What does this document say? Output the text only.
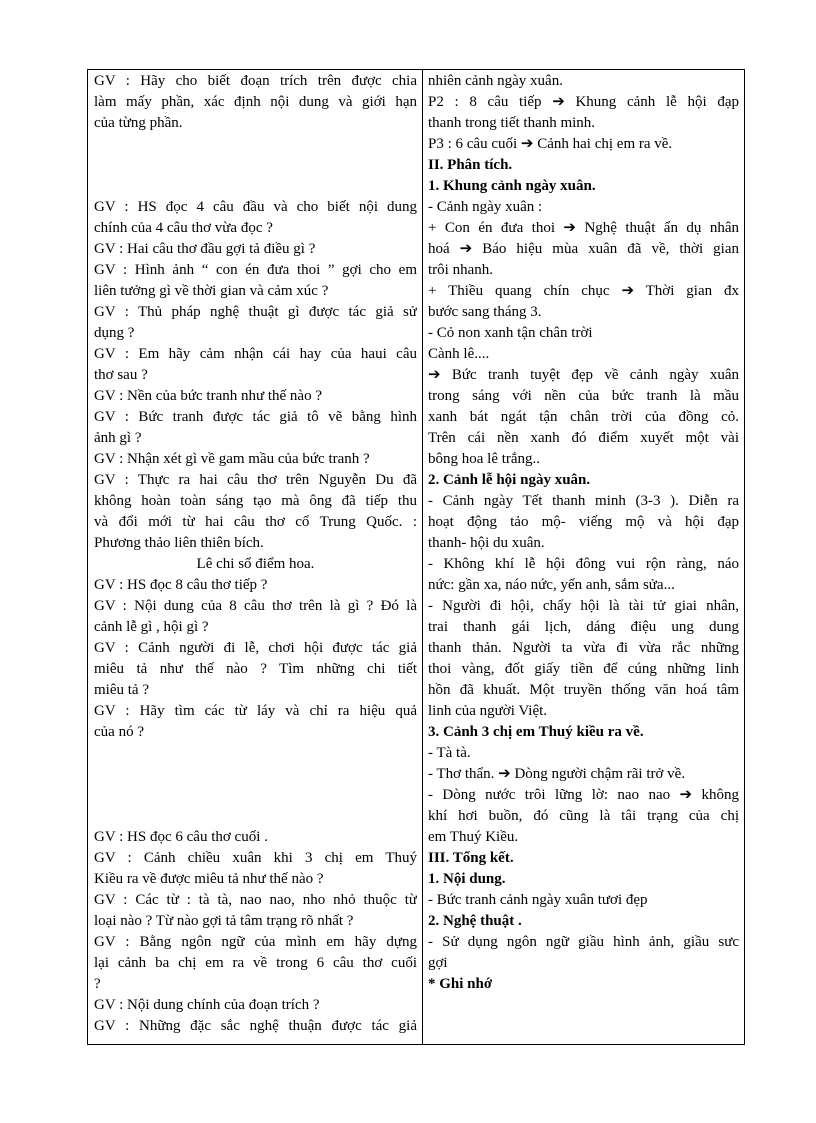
GV : Hãy cho biết đoạn trích trên được chia
làm mấy phần, xác định nội dung và giới hạn
của từng phần.

GV : HS đọc 4 câu đầu và cho biết nội dung
chính của 4 câu thơ vừa đọc ?
GV : Hai câu thơ đầu gợi tả điều gì ?
GV : Hình ảnh “ con én đưa thoi ” gợi cho em
liên tưởng gì về thời gian và cảm xúc ?
GV : Thủ pháp nghệ thuật gì được tác giả sử
dụng ?
GV : Em hãy cảm nhận cái hay của haui câu
thơ sau ?
GV : Nền của bức tranh như thế nào ?
GV : Bức tranh được tác giả tô vẽ bằng hình
ảnh gì ?
GV : Nhận xét gì về gam mầu của bức tranh ?
GV : Thực ra hai câu thơ trên Nguyễn Du đã
không hoàn toàn sáng tạo mà ông đã tiếp thu
và đổi mới từ hai câu thơ cổ Trung Quốc. :
Phương thảo liên thiên bích.
Lê chi sổ điểm hoa.
GV : HS đọc 8 câu thơ tiếp ?
GV : Nội dung của 8 câu thơ trên là gì ? Đó là
cảnh lễ gì , hội gì ?
GV : Cảnh người đi lễ, chơi hội được tác giả
miêu tả như thế nào ? Tìm những chi tiết
miêu tả ?
GV : Hãy tìm các từ láy và chỉ ra hiệu quả
của nó ?

GV : HS đọc 6 câu thơ cuối .
GV : Cảnh chiều xuân khi 3 chị em Thuý
Kiều ra về được miêu tả như thế nào ?
GV : Các từ : tà tà, nao nao, nho nhỏ thuộc từ
loại nào ? Từ nào gợi tả tâm trạng rõ nhất ?
GV : Bằng ngôn ngữ của mình em hãy dựng
lại cảnh ba chị em ra về trong 6 câu thơ cuối
?
GV : Nội dung chính của đoạn trích ?
GV : Những đặc sắc nghệ thuận được tác giả
nhiên cảnh ngày xuân.
P2 : 8 câu tiếp ➔ Khung cảnh lễ hội đạp
thanh trong tiết thanh minh.
P3 : 6 câu cuối ➔ Cảnh hai chị em ra về.
II. Phân tích.
1. Khung cảnh ngày xuân.
- Cảnh ngày xuân :
+ Con én đưa thoi ➔ Nghệ thuật ẩn dụ nhân
hoá ➔ Báo hiệu mùa xuân đã về, thời gian
trôi nhanh.
+ Thiều quang chín chục ➔ Thời gian đx
bước sang tháng 3.
- Cỏ non xanh tận chân trời
Cành lê....
➔ Bức tranh tuyệt đẹp về cảnh ngày xuân
trong sáng với nền của bức tranh là mầu
xanh bát ngát tận chân trời của đồng cỏ.
Trên cái nền xanh đó điểm xuyết một vài
bông hoa lê trắng..
2. Cảnh lễ hội ngày xuân.
- Cảnh ngày Tết thanh minh (3-3 ). Diễn ra
hoạt động tảo mộ- viếng mộ và hội đạp
thanh- hội du xuân.
- Không khí lễ hội đông vui rộn ràng, náo
nức: gần xa, náo nức, yến anh, sắm sửa...
- Người đi hội, chẩy hội là tài tử giai nhân,
trai thanh gái lịch, dáng điệu ung dung
thanh thản. Người ta vừa đi vừa rắc những
thoi vàng, đốt giấy tiền để cúng những linh
hồn đã khuất. Một truyền thống văn hoá tâm
linh của người Việt.
3. Cảnh 3 chị em Thuý kiều ra về.
- Tà tà.
- Thơ thẩn. ➔ Dòng người chậm rãi trở về.
- Dòng nước trôi lững lờ: nao nao ➔ không
khí hơi buồn, đó cũng là tâi trạng của chị
em Thuý Kiều.
III. Tổng kết.
1. Nội dung.
- Bức tranh cảnh ngày xuân tươi đẹp
2. Nghệ thuật .
- Sử dụng ngôn ngữ giầu hình ảnh, giầu sưc
gợi
* Ghi nhớ
